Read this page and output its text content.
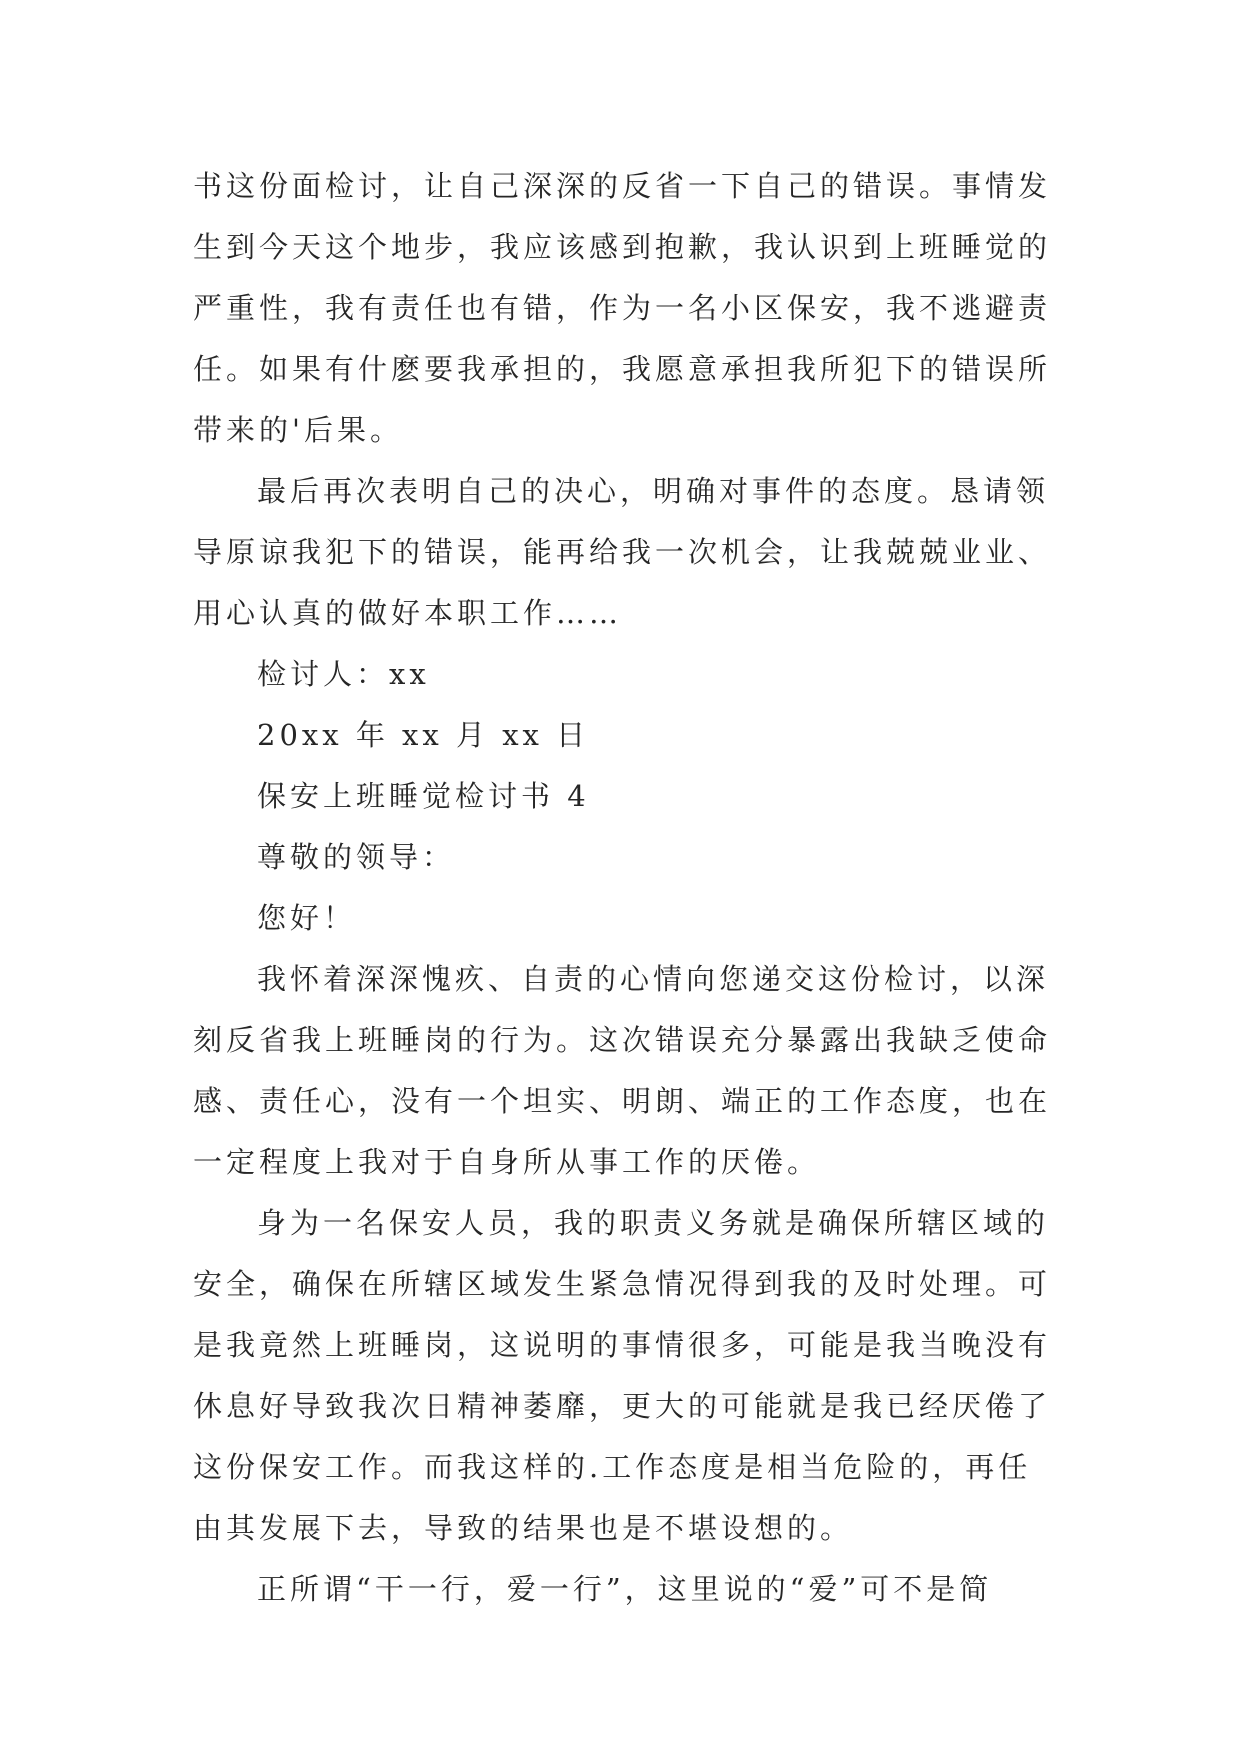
书这份面检讨，让自己深深的反省一下自己的错误。事情发

生到今天这个地步，我应该感到抱歉，我认识到上班睡觉的

严重性，我有责任也有错，作为一名小区保安，我不逃避责

任。如果有什麽要我承担的，我愿意承担我所犯下的错误所

带来的'后果。

最后再次表明自己的决心，明确对事件的态度。恳请领

导原谅我犯下的错误，能再给我一次机会，让我兢兢业业、

用心认真的做好本职工作……

检讨人：xx

20xx 年 xx 月 xx 日

保安上班睡觉检讨书 4

尊敬的领导：

您好！

我怀着深深愧疚、自责的心情向您递交这份检讨，以深

刻反省我上班睡岗的行为。这次错误充分暴露出我缺乏使命

感、责任心，没有一个坦实、明朗、端正的工作态度，也在

一定程度上我对于自身所从事工作的厌倦。

身为一名保安人员，我的职责义务就是确保所辖区域的

安全，确保在所辖区域发生紧急情况得到我的及时处理。可

是我竟然上班睡岗，这说明的事情很多，可能是我当晚没有

休息好导致我次日精神萎靡，更大的可能就是我已经厌倦了

这份保安工作。而我这样的.工作态度是相当危险的，再任

由其发展下去，导致的结果也是不堪设想的。

正所谓“干一行，爱一行”，这里说的“爱”可不是简
